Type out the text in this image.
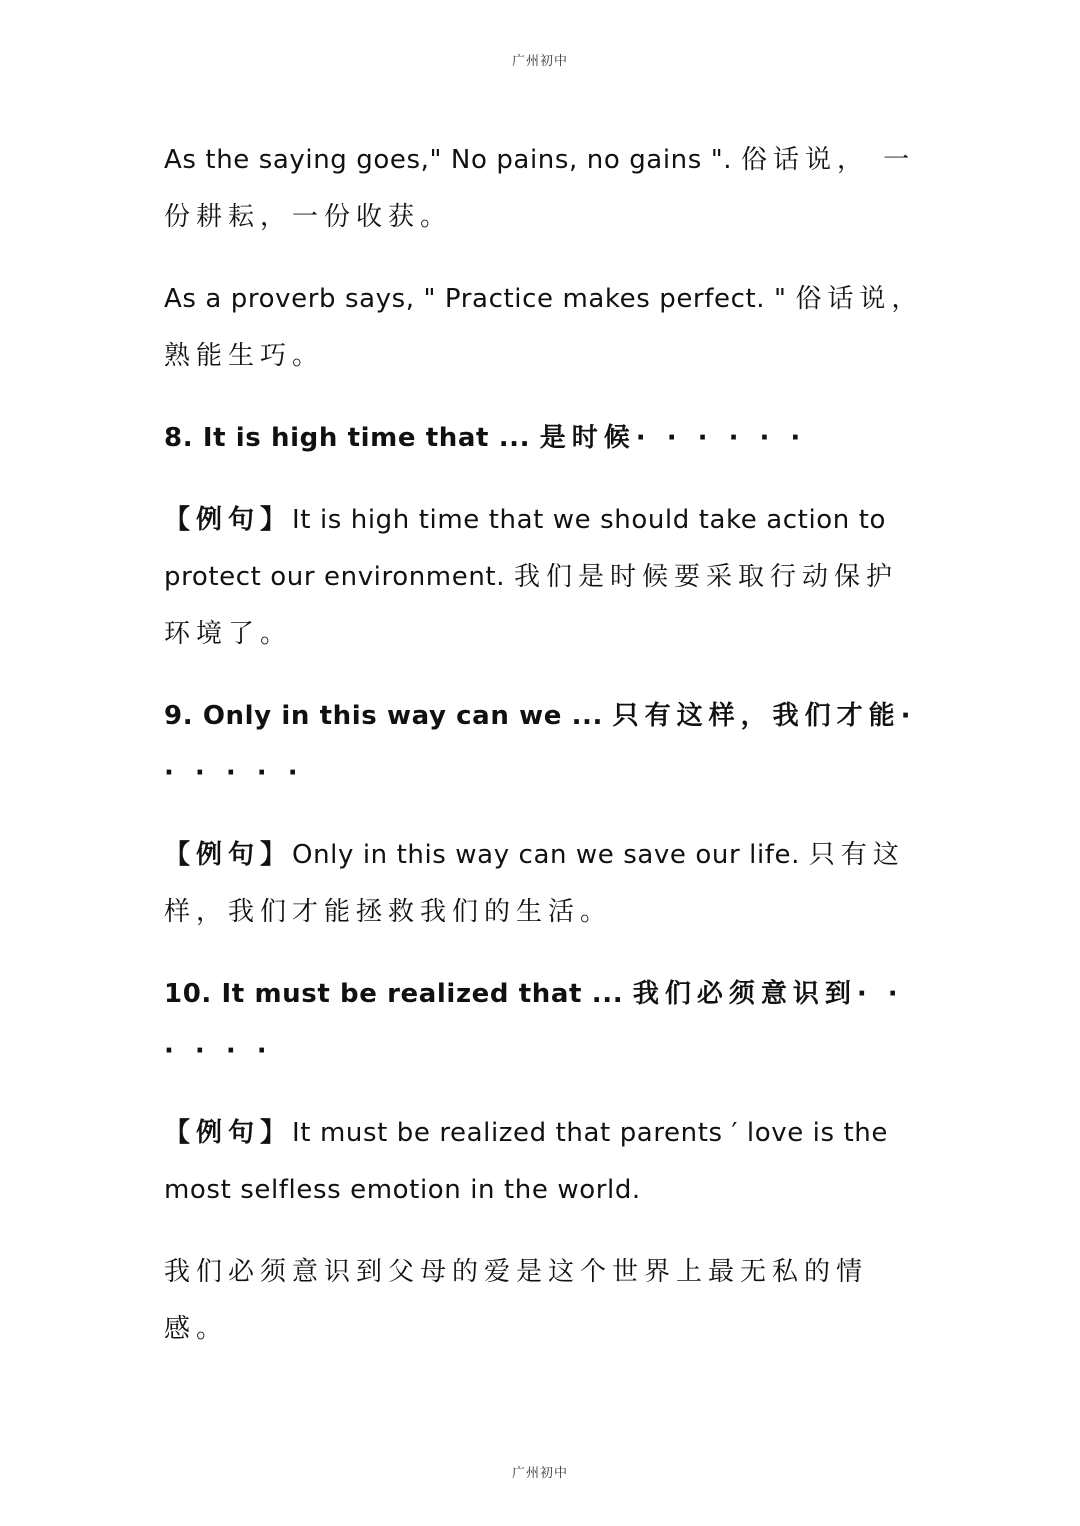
广州初中

As the saying goes," No pains, no gains ". 俗话说， 一份耕耘，一份收获。

As a proverb says, " Practice makes perfect. " 俗话说，熟能生巧。

8. It is high time that ... 是时候· · · · · ·

【例句】It is high time that we should take action to protect our environment. 我们是时候要采取行动保护环境了。

9. Only in this way can we ... 只有这样，我们才能· · · · · ·

【例句】Only in this way can we save our life. 只有这样，我们才能拯救我们的生活。

10. It must be realized that ... 我们必须意识到· · · · · ·

【例句】It must be realized that parents ′ love is the most selfless emotion in the world.

我们必须意识到父母的爱是这个世界上最无私的情感。

广州初中
